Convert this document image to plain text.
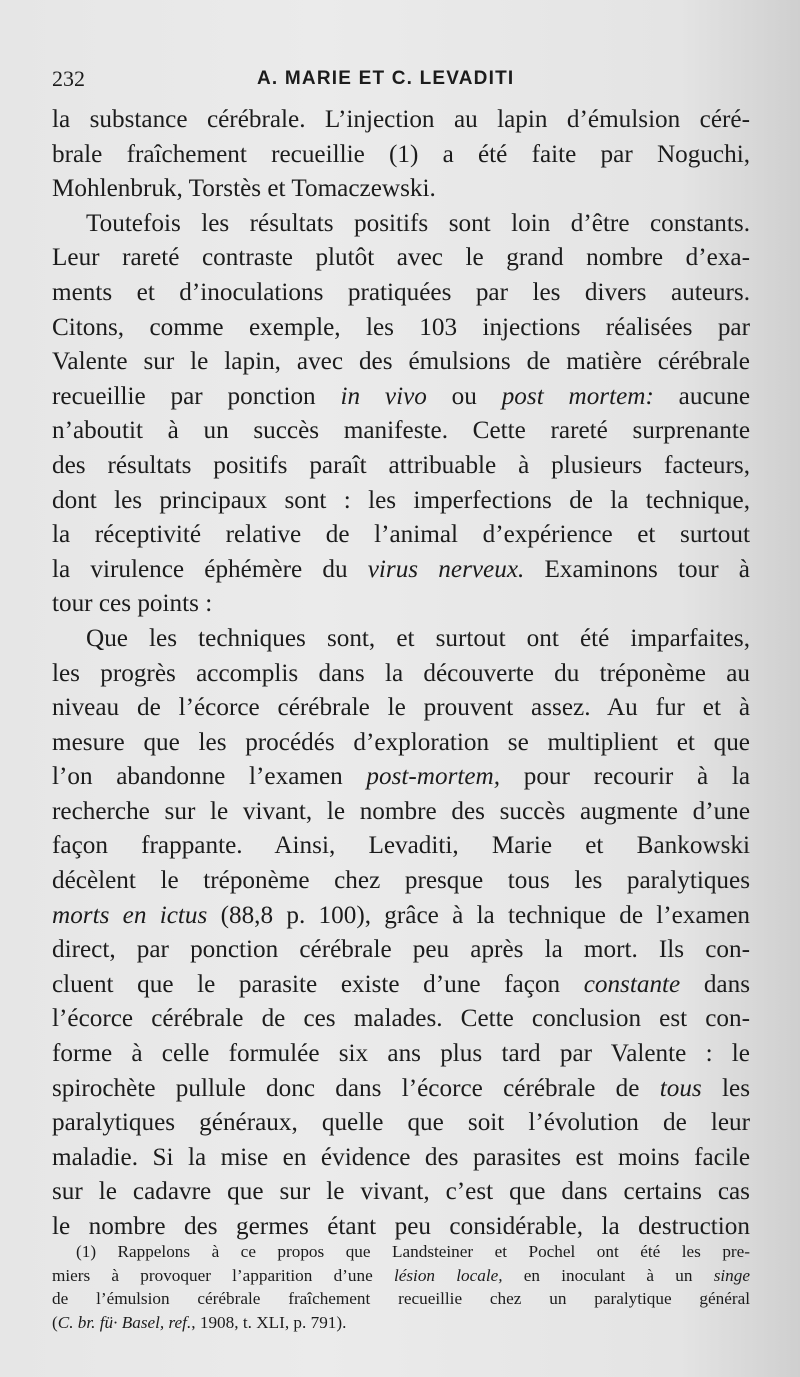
232	A. MARIE ET C. LEVADITI
la substance cérébrale. L’injection au lapin d’émulsion céré-
brale fraîchement recueillie (1) a été faite par Noguchi,
Mohlenbruk, Torstès et Tomaczewski.
Toutefois les résultats positifs sont loin d’être constants.
Leur rareté contraste plutôt avec le grand nombre d’exa-
ments et d’inoculations pratiquées par les divers auteurs.
Citons, comme exemple, les 103 injections réalisées par
Valente sur le lapin, avec des émulsions de matière cérébrale
recueillie par ponction in vivo ou post mortem: aucune
n’aboutit à un succès manifeste. Cette rareté surprenante
des résultats positifs paraît attribuable à plusieurs facteurs,
dont les principaux sont : les imperfections de la technique,
la réceptivité relative de l’animal d’expérience et surtout
la virulence éphémère du virus nerveux. Examinons tour à
tour ces points :
Que les techniques sont, et surtout ont été imparfaites,
les progrès accomplis dans la découverte du tréponème au
niveau de l’écorce cérébrale le prouvent assez. Au fur et à
mesure que les procédés d’exploration se multiplient et que
l’on abandonne l’examen post-mortem, pour recourir à la
recherche sur le vivant, le nombre des succès augmente d’une
façon frappante. Ainsi, Levaditi, Marie et Bankowski
décèlent le tréponème chez presque tous les paralytiques
morts en ictus (88,8 p. 100), grâce à la technique de l’examen
direct, par ponction cérébrale peu après la mort. Ils con-
cluent que le parasite existe d’une façon constante dans
l’écorce cérébrale de ces malades. Cette conclusion est con-
forme à celle formulée six ans plus tard par Valente : le
spirochète pullule donc dans l’écorce cérébrale de tous les
paralytiques généraux, quelle que soit l’évolution de leur
maladie. Si la mise en évidence des parasites est moins facile
sur le cadavre que sur le vivant, c’est que dans certains cas
le nombre des germes étant peu considérable, la destruction
(1) Rappelons à ce propos que Landsteiner et Pochel ont été les pre-
miers à provoquer l’apparition d’une lésion locale, en inoculant à un singe
de l’émulsion cérébrale fraîchement recueillie chez un paralytique général
(C. br. fü· Basel, ref., 1908, t. XLI, p. 791).
